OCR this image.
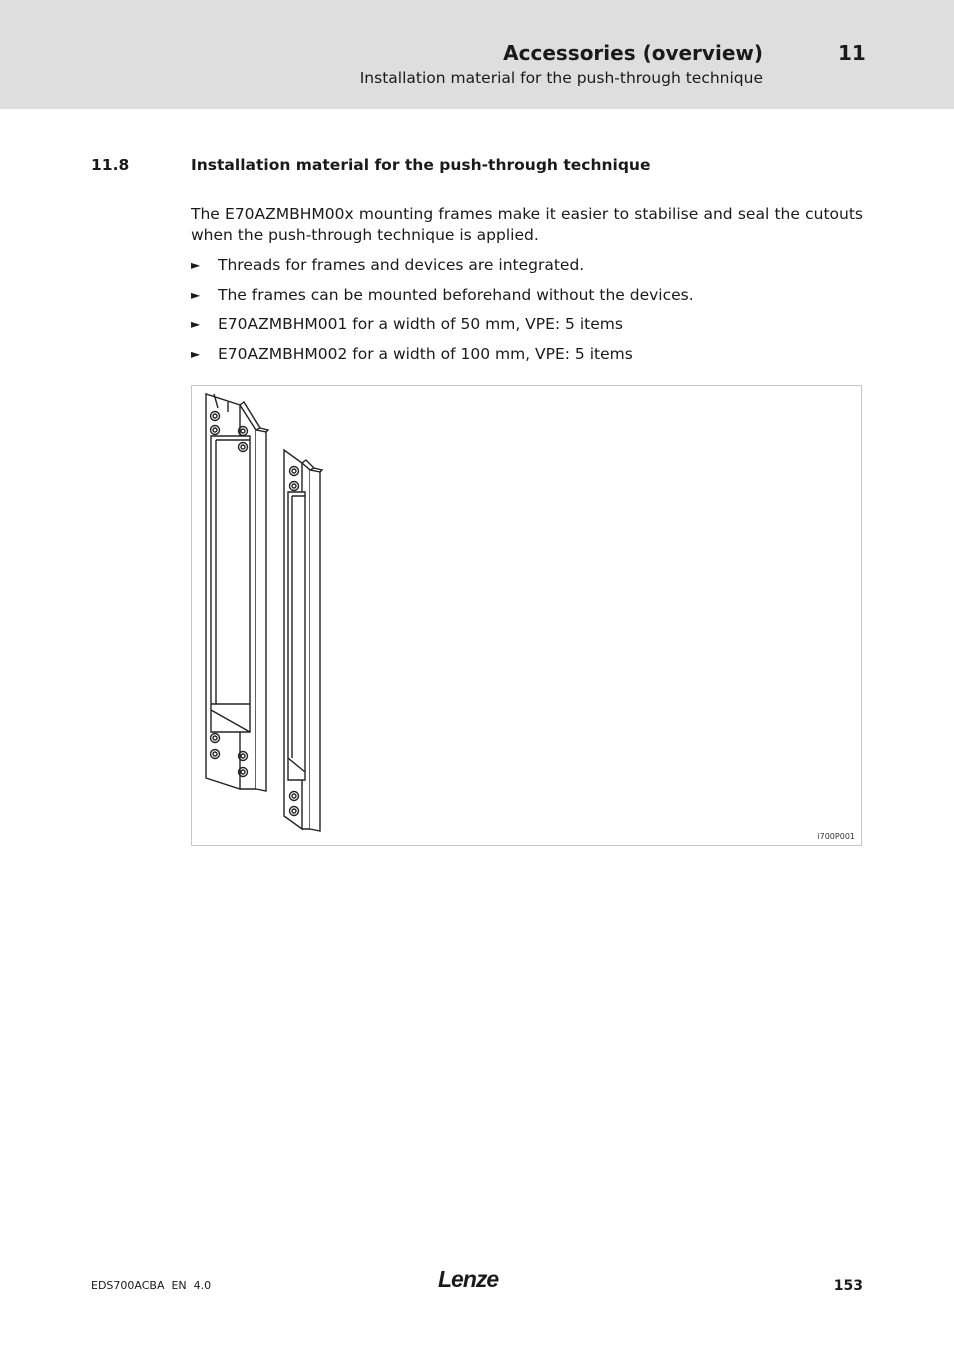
Accessories (overview)	11
Installation material for the push-through technique
11.8	Installation material for the push-through technique

The E70AZMBHM00x mounting frames make it easier to stabilise and seal the cutouts when the push-through technique is applied.

► Threads for frames and devices are integrated.
► The frames can be mounted beforehand without the devices.
► E70AZMBHM001 for a width of 50 mm, VPE: 5 items
► E70AZMBHM002 for a width of 100 mm, VPE: 5 items
i700P001
EDS700ACBA  EN  4.0	Lenze	153
